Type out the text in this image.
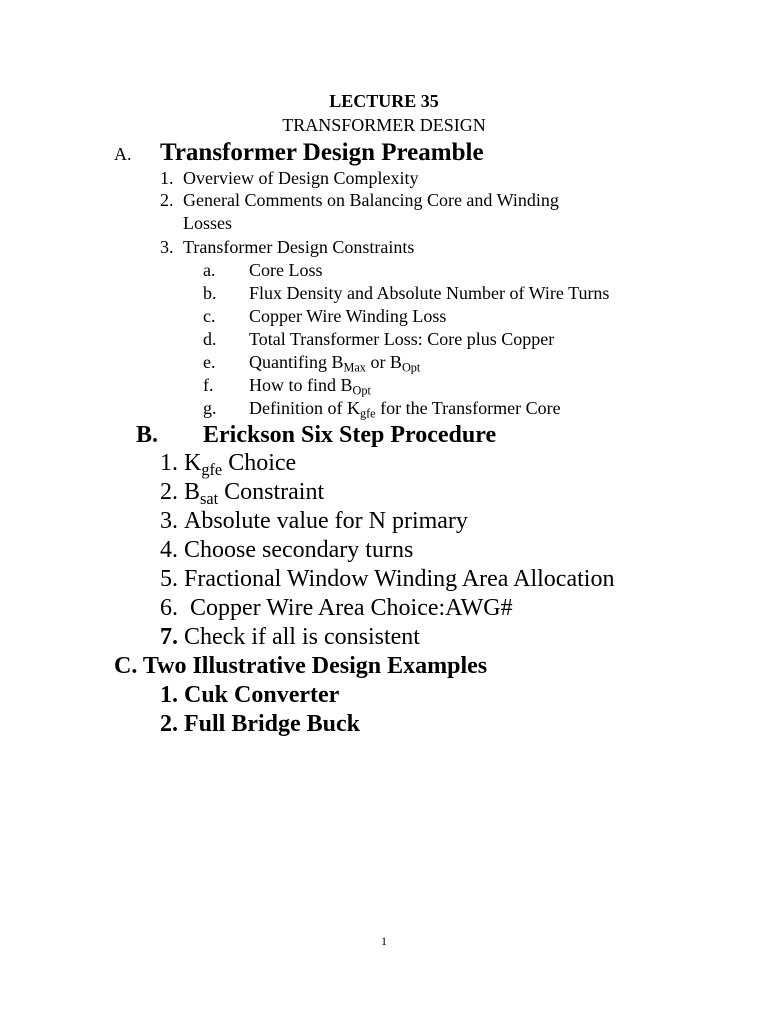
LECTURE 35
TRANSFORMER DESIGN
A. Transformer Design Preamble
1. Overview of Design Complexity
2. General Comments on Balancing Core and Winding
Losses
3. Transformer Design Constraints
a. Core Loss
b. Flux Density and Absolute Number of Wire Turns
c. Copper Wire Winding Loss
d. Total Transformer Loss: Core plus Copper
e. Quantifing $B_{Max}$ or $B_{Opt}$
f. How to find $B_{Opt}$
g. Definition of $K_{gfe}$ for the Transformer Core
B. Erickson Six Step Procedure
1. $K_{gfe}$ Choice
2. $B_{sat}$ Constraint
3. Absolute value for N primary
4. Choose secondary turns
5. Fractional Window Winding Area Allocation
6. Copper Wire Area Choice:AWG#
7. Check if all is consistent
C. Two Illustrative Design Examples
1. Cuk Converter
2. Full Bridge Buck
1
